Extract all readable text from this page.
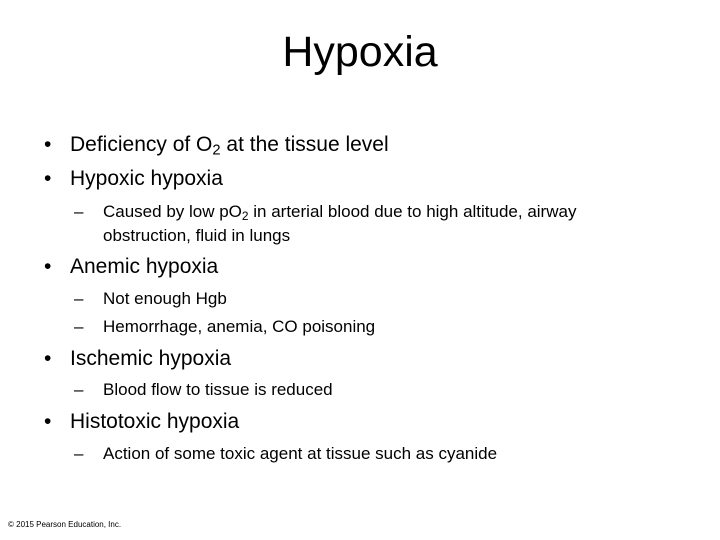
Hypoxia
• Deficiency of $O_2$ at the tissue level
• Hypoxic hypoxia
– Caused by low $pO_2$ in arterial blood due to high altitude, airway
obstruction, fluid in lungs
• Anemic hypoxia
– Not enough Hgb
– Hemorrhage, anemia, CO poisoning
• Ischemic hypoxia
– Blood flow to tissue is reduced
• Histotoxic hypoxia
– Action of some toxic agent at tissue such as cyanide
© 2015 Pearson Education, Inc.
